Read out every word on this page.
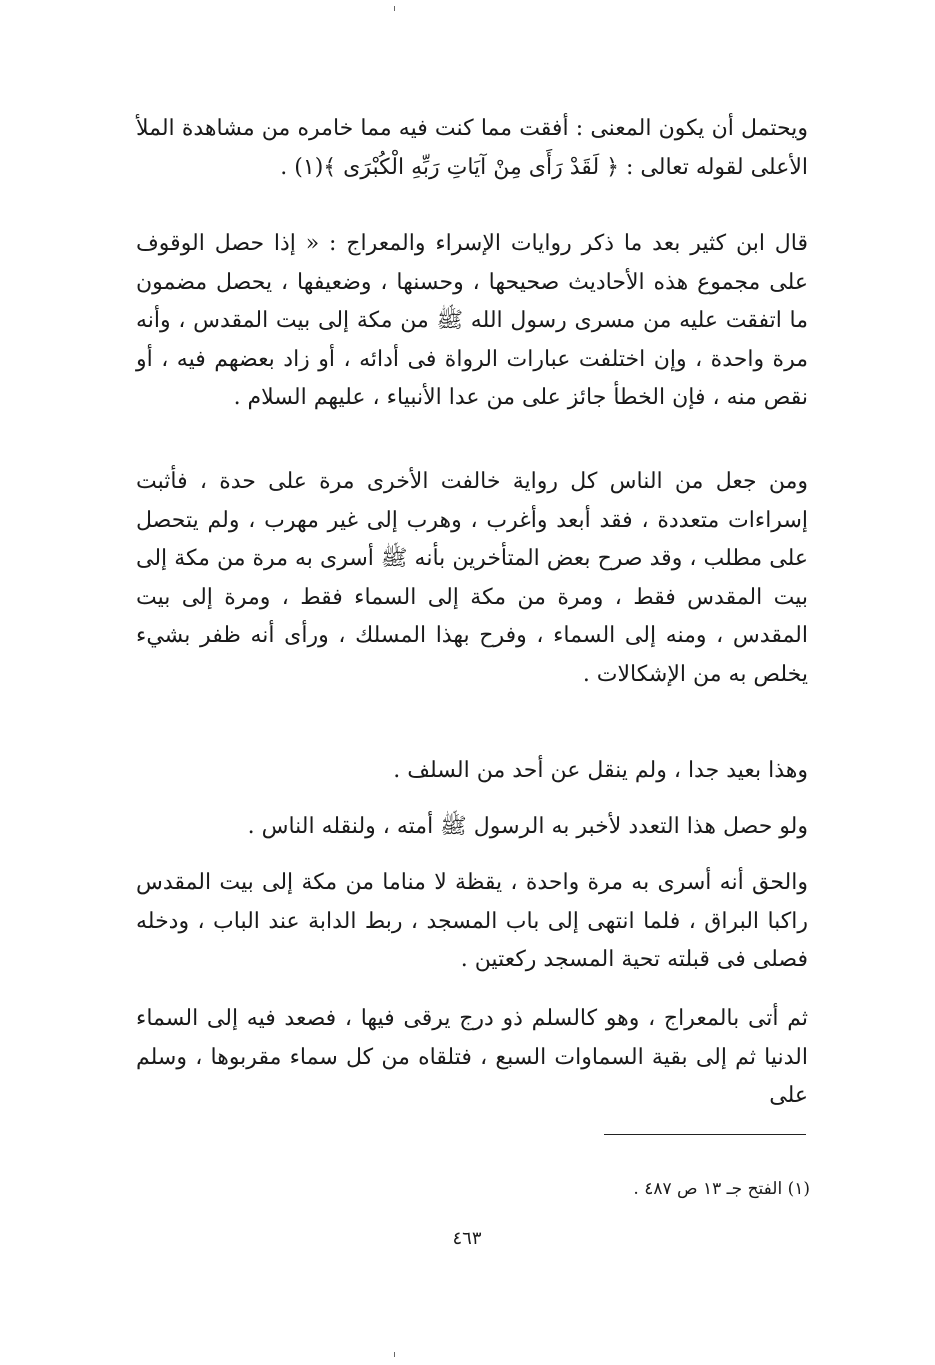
ويحتمل أن يكون المعنى : أفقت مما كنت فيه مما خامره من مشاهدة الملأ الأعلى لقوله تعالى : ﴿ لَقَدْ رَأَى مِنْ آيَاتِ رَبِّهِ الْكُبْرَى ﴾(١) .

قال ابن كثير بعد ما ذكر روايات الإسراء والمعراج : « إذا حصل الوقوف على مجموع هذه الأحاديث صحيحها ، وحسنها ، وضعيفها ، يحصل مضمون ما اتفقت عليه من مسرى رسول الله ﷺ من مكة إلى بيت المقدس ، وأنه مرة واحدة ، وإن اختلفت عبارات الرواة فى أدائه ، أو زاد بعضهم فيه ، أو نقص منه ، فإن الخطأ جائز على من عدا الأنبياء ، عليهم السلام .

ومن جعل من الناس كل رواية خالفت الأخرى مرة على حدة ، فأثبت إسراءات متعددة ، فقد أبعد وأغرب ، وهرب إلى غير مهرب ، ولم يتحصل على مطلب ، وقد صرح بعض المتأخرين بأنه ﷺ أسرى به مرة من مكة إلى بيت المقدس فقط ، ومرة من مكة إلى السماء فقط ، ومرة إلى بيت المقدس ، ومنه إلى السماء ، وفرح بهذا المسلك ، ورأى أنه ظفر بشيء يخلص به من الإشكالات .

وهذا بعيد جدا ، ولم ينقل عن أحد من السلف .

ولو حصل هذا التعدد لأخبر به الرسول ﷺ أمته ، ولنقله الناس .

والحق أنه أسرى به مرة واحدة ، يقظة لا مناما من مكة إلى بيت المقدس راكبا البراق ، فلما انتهى إلى باب المسجد ، ربط الدابة عند الباب ، ودخله فصلى فى قبلته تحية المسجد ركعتين .

ثم أتى بالمعراج ، وهو كالسلم ذو درج يرقى فيها ، فصعد فيه إلى السماء الدنيا ثم إلى بقية السماوات السبع ، فتلقاه من كل سماء مقربوها ، وسلم على

(١) الفتح جـ ١٣ ص ٤٨٧ .

٤٦٣
